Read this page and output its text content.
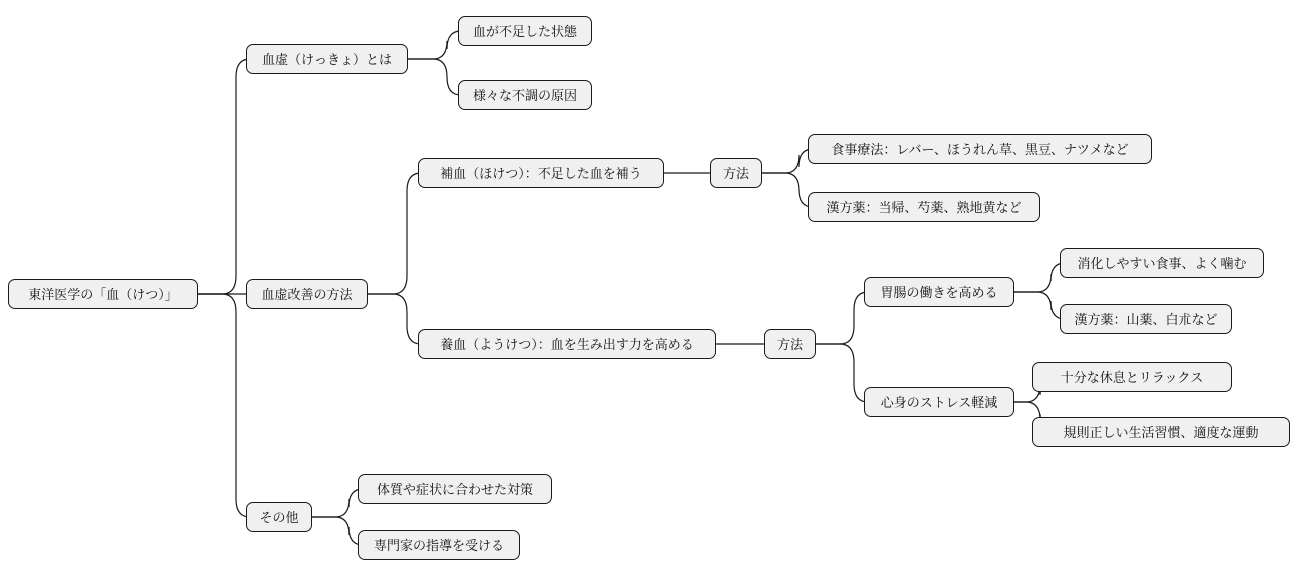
東洋医学の「血（けつ）」
血虚（けっきょ）とは
血が不足した状態
様々な不調の原因
血虚改善の方法
補血（ほけつ）：不足した血を補う	方法
食事療法：レバー、ほうれん草、黒豆、ナツメなど
漢方薬：当帰、芍薬、熟地黄など
養血（ようけつ）：血を生み出す力を高める	方法
胃腸の働きを高める
消化しやすい食事、よく噛む
漢方薬：山薬、白朮など
心身のストレス軽減
十分な休息とリラックス
規則正しい生活習慣、適度な運動
その他
体質や症状に合わせた対策
専門家の指導を受ける
